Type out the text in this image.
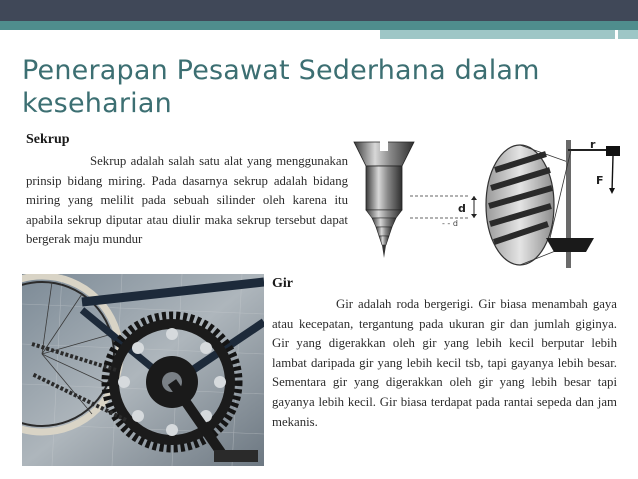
Penerapan Pesawat Sederhana dalam keseharian
Sekrup

Sekrup adalah salah satu alat yang menggunakan prinsip bidang miring. Pada dasarnya sekrup adalah bidang miring yang melilit pada sebuah silinder oleh karena itu apabila sekrup diputar atau diulir maka sekrup tersebut dapat bergerak maju mundur

d
- - d
r
F
Gir

Gir adalah roda bergerigi. Gir biasa menambah gaya atau kecepatan, tergantung pada ukuran gir dan jumlah giginya. Gir yang digerakkan oleh gir yang lebih kecil berputar lebih lambat daripada gir yang lebih kecil tsb, tapi gayanya lebih besar. Sementara gir yang digerakkan oleh gir yang lebih besar tapi gayanya lebih kecil. Gir biasa terdapat pada rantai sepeda dan jam mekanis.
